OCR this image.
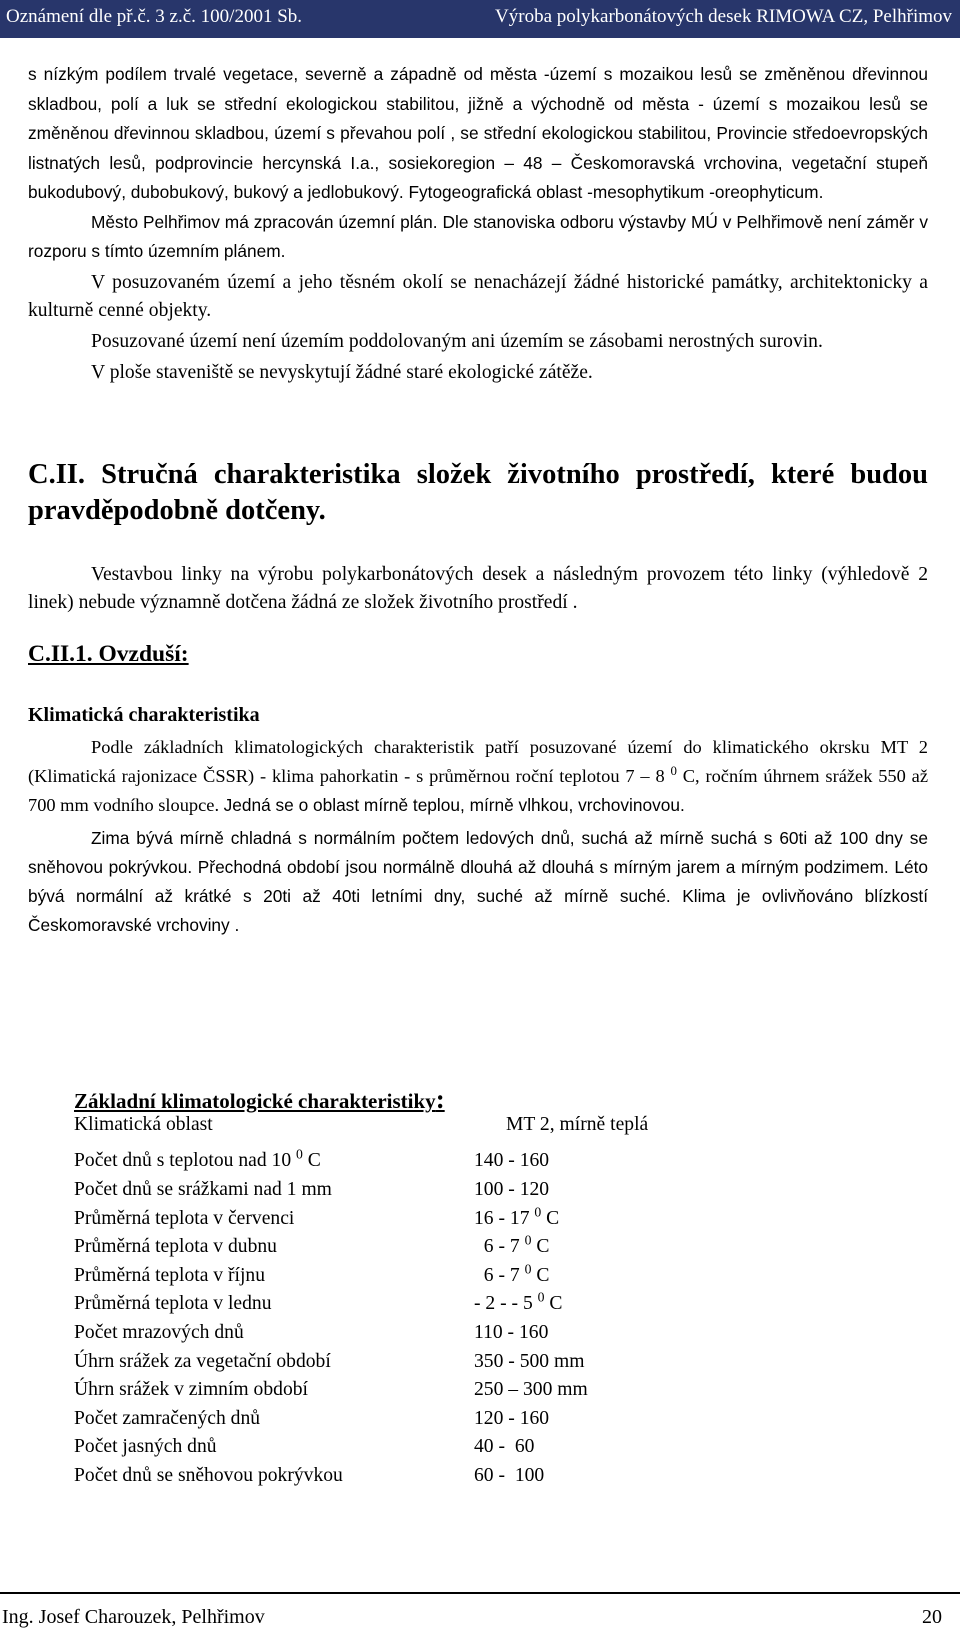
Oznámení dle př.č. 3 z.č. 100/2001 Sb.	Výroba polykarbonátových desek RIMOWA CZ, Pelhřimov

s nízkým podílem trvalé vegetace, severně a západně od města -území s mozaikou lesů se změněnou dřevinnou skladbou, polí a luk se střední ekologickou stabilitou, jižně a východně od města - území s mozaikou lesů se změněnou dřevinnou skladbou, území s převahou polí , se střední ekologickou stabilitou, Provincie středoevropských listnatých lesů, podprovincie hercynská I.a., sosiekoregion – 48 – Českomoravská vrchovina, vegetační stupeň bukodubový, dubobukový, bukový a jedlobukový. Fytogeografická oblast -mesophytikum -oreophyticum.

Město Pelhřimov má zpracován územní plán. Dle stanoviska odboru výstavby MÚ v Pelhřimově není záměr v rozporu s tímto územním plánem.

V posuzovaném území a jeho těsném okolí se nenacházejí žádné historické památky, architektonicky a kulturně cenné objekty.

Posuzované území není územím poddolovaným ani územím se zásobami nerostných surovin.

V ploše staveniště se nevyskytují žádné staré ekologické zátěže.

C.II. Stručná charakteristika složek životního prostředí, které budou pravděpodobně dotčeny.

Vestavbou linky na výrobu polykarbonátových desek a následným provozem této linky (výhledově 2 linek) nebude významně dotčena žádná ze složek životního prostředí .

C.II.1. Ovzduší:

Klimatická charakteristika

Podle základních klimatologických charakteristik patří posuzované území do klimatického okrsku MT 2 (Klimatická rajonizace ČSSR) - klima pahorkatin - s průměrnou roční teplotou 7 – 8 $^0$ C, ročním úhrnem srážek 550 až 700 mm vodního sloupce. Jedná se o oblast mírně teplou, mírně vlhkou, vrchovinovou.

Zima bývá mírně chladná s normálním počtem ledových dnů, suchá až mírně suchá s 60ti až 100 dny se sněhovou pokrývkou. Přechodná období jsou normálně dlouhá až dlouhá s mírným jarem a mírným podzimem. Léto bývá normální až krátké s 20ti až 40ti letními dny, suché až mírně suché. Klima je ovlivňováno blízkostí Českomoravské vrchoviny .

Základní klimatologické charakteristiky:
Klimatická oblast	MT 2, mírně teplá
Počet dnů s teplotou nad 10 $^0$ C	140 - 160
Počet dnů se srážkami nad 1 mm	100 - 120
Průměrná teplota v červenci	16 - 17 $^0$ C
Průměrná teplota v dubnu	6 - 7 $^0$ C
Průměrná teplota v říjnu	6 - 7 $^0$ C
Průměrná teplota v lednu	- 2 - - 5 $^0$ C
Počet mrazových dnů	110 - 160
Úhrn srážek za vegetační období	350 - 500 mm
Úhrn srážek v zimním období	250 – 300 mm
Počet zamračených dnů	120 - 160
Počet jasných dnů	40 -  60
Počet dnů se sněhovou pokrývkou	60 -  100
Ing. Josef Charouzek, Pelhřimov	20
